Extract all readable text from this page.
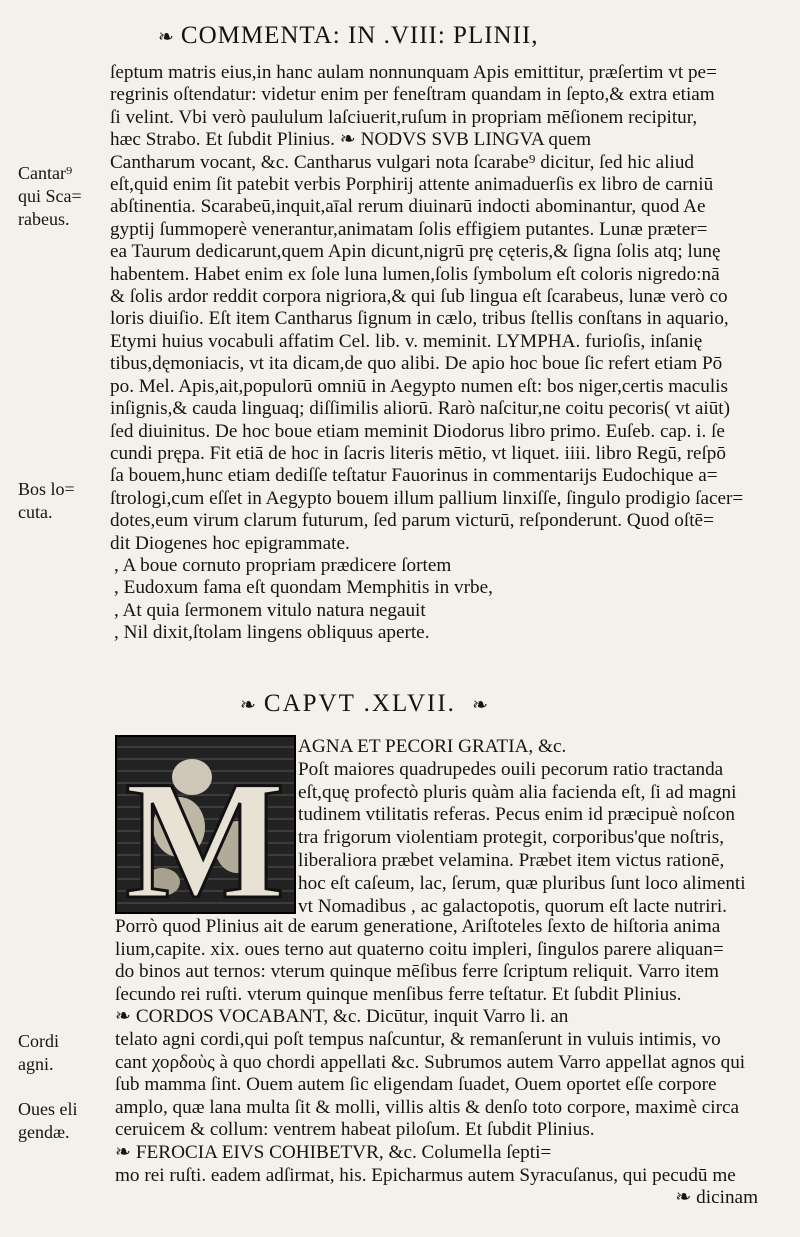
❧ COMMENTA: IN .VIII: PLINII,
Cantar⁹
qui Sca=
rabeus.
Bos lo=
cuta.
Cordi
agni.
Oues eli
gendæ.

ſeptum matris eius,in hanc aulam nonnunquam Apis emittitur, præſertim vt pe=
regrinis oſtendatur: videtur enim per feneſtram quandam in ſepto,& extra etiam
ſi velint. Vbi verò paululum laſciuerit,ruſum in propriam mēſionem recipitur,
hæc Strabo. Et ſubdit Plinius. ❧ NODVS SVB LINGVA quem
Cantharum vocant, &c. Cantharus vulgari nota ſcarabe⁹ dicitur, ſed hic aliud
eſt,quid enim ſit patebit verbis Porphirij attente animaduerſis ex libro de carniū
abſtinentia. Scarabeū,inquit,aīal rerum diuinarū indocti abominantur, quod Ae
gyptij ſummoperè venerantur,animatam ſolis effigiem putantes. Lunæ præter=
ea Taurum dedicarunt,quem Apin dicunt,nigrū prę cęteris,& ſigna ſolis atq; lunę
habentem. Habet enim ex ſole luna lumen,ſolis ſymbolum eſt coloris nigredo:nā
& ſolis ardor reddit corpora nigriora,& qui ſub lingua eſt ſcarabeus, lunæ verò co
loris diuiſio. Eſt item Cantharus ſignum in cælo, tribus ſtellis conſtans in aquario,
Etymi huius vocabuli affatim Cel. lib. v. meminit. LYMPHA. furioſis, inſanię
tibus,dęmoniacis, vt ita dicam,de quo alibi. De apio hoc boue ſic refert etiam Pō
po. Mel. Apis,ait,populorū omniū in Aegypto numen eſt: bos niger,certis maculis
inſignis,& cauda linguaq; diſſimilis aliorū. Rarò naſcitur,ne coitu pecoris( vt aiūt)
ſed diuinitus. De hoc boue etiam meminit Diodorus libro primo. Euſeb. cap. i. ſe
cundi prępa. Fit etiā de hoc in ſacris literis mētio, vt liquet. iiii. libro Regū, reſpō
ſa bouem,hunc etiam dediſſe teſtatur Fauorinus in commentarijs Eudochique a=
ſtrologi,cum eſſet in Aegypto bouem illum pallium linxiſſe, ſingulo prodigio ſacer=
dotes,eum virum clarum futurum, ſed parum victurū, reſponderunt. Quod oſtē=
dit Diogenes hoc epigrammate.

, A boue cornuto propriam prædicere ſortem
, Eudoxum fama eſt quondam Memphitis in vrbe,
, At quia ſermonem vitulo natura negauit
, Nil dixit,ſtolam lingens obliquus aperte.
❧ CAPVT .XLVII. ❧
M AGNA ET PECORI GRATIA, &c.
Poſt maiores quadrupedes ouili pecorum ratio tractanda
eſt,quę profectò pluris quàm alia facienda eſt, ſi ad magni
tudinem vtilitatis referas. Pecus enim id præcipuè noſcon
tra frigorum violentiam protegit, corporibus'que noſtris,
liberaliora præbet velamina. Præbet item victus rationē,
hoc eſt caſeum, lac, ſerum, quæ pluribus ſunt loco alimenti
vt Nomadibus , ac galactopotis, quorum eſt lacte nutriri.
Porrò quod Plinius ait de earum generatione, Ariſtoteles ſexto de hiſtoria anima
lium,capite. xix. oues terno aut quaterno coitu impleri, ſingulos parere aliquan=
do binos aut ternos: vterum quinque mēſibus ferre ſcriptum reliquit. Varro item
ſecundo rei ruſti. vterum quinque menſibus ferre teſtatur. Et ſubdit Plinius.
❧ CORDOS VOCABANT, &c. Dicūtur, inquit Varro li. an
telato agni cordi,qui poſt tempus naſcuntur, & remanſerunt in vuluis intimis, vo
cant χορδοὺς à quo chordi appellati &c. Subrumos autem Varro appellat agnos qui
ſub mamma ſint. Ouem autem ſic eligendam ſuadet, Ouem oportet eſſe corpore
amplo, quæ lana multa ſit & molli, villis altis & denſo toto corpore, maximè circa
ceruicem & collum: ventrem habeat piloſum. Et ſubdit Plinius.
❧ FEROCIA EIVS COHIBETVR, &c. Columella ſepti=
mo rei ruſti. eadem adſirmat, his. Epicharmus autem Syracuſanus, qui pecudū me
❧ dicinam
